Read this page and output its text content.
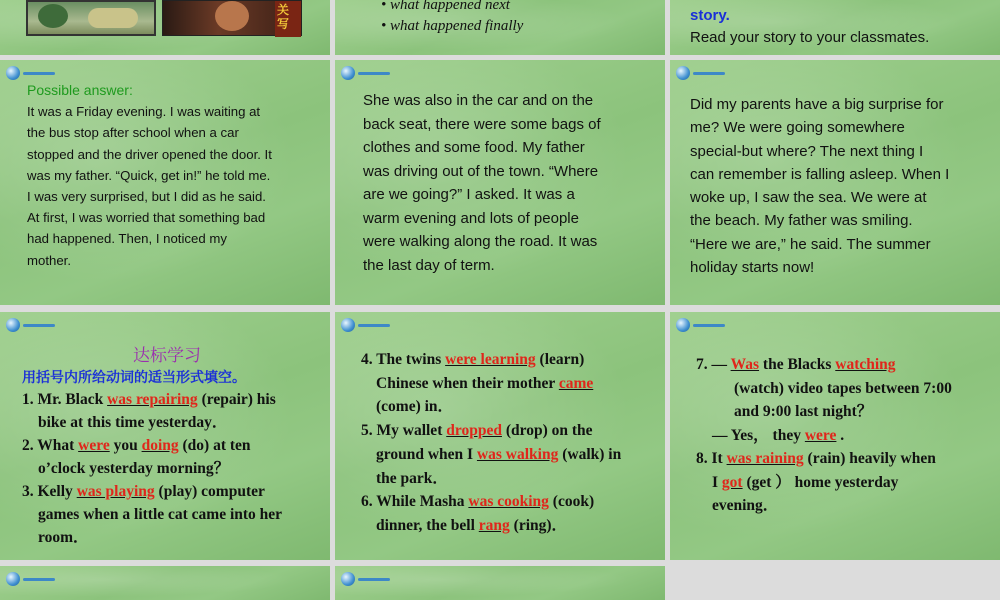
关 写

• what happened next

• what happened finally

story.

Read your story to your classmates.

Possible answer:

It was a Friday evening. I was waiting at

the bus stop after school when a car

stopped and the driver opened the door. It

was my father. “Quick, get in!” he told me.

I was very surprised, but I did as he said.

At first, I was worried that something bad

had happened. Then, I noticed my

mother.

She was also in the car and on the

back seat, there were some bags of

clothes and some food. My father

was driving out of the town. “Where

are we going?” I asked. It was a

warm evening and lots of people

were walking along the road. It was

the last day of term.

Did my parents have a big surprise for

me? We were going somewhere

special-but where? The next thing I

can remember is falling asleep. When I

woke up, I saw the sea. We were at

the beach. My father was smiling.

“Here we are,” he said. The summer

holiday starts now!

达标学习
用括号内所给动词的适当形式填空。

1. Mr. Black was repairing (repair) his

bike at this time yesterday．

2. What were you doing (do) at ten

o’clock yesterday morning？

3. Kelly was playing (play) computer

games when a little cat came into her

room．

4. The twins were learning (learn)

Chinese when their mother came

(come) in．

5. My wallet dropped (drop) on the

ground when I was walking (walk) in

the park．

6. While Masha was cooking (cook)

dinner, the bell rang (ring)．

7. — Was the Blacks watching

(watch) video tapes between 7:00

and 9:00 last night？

— Yes， they were .

8. It was raining (rain) heavily when

I got (get ） home yesterday

evening．
